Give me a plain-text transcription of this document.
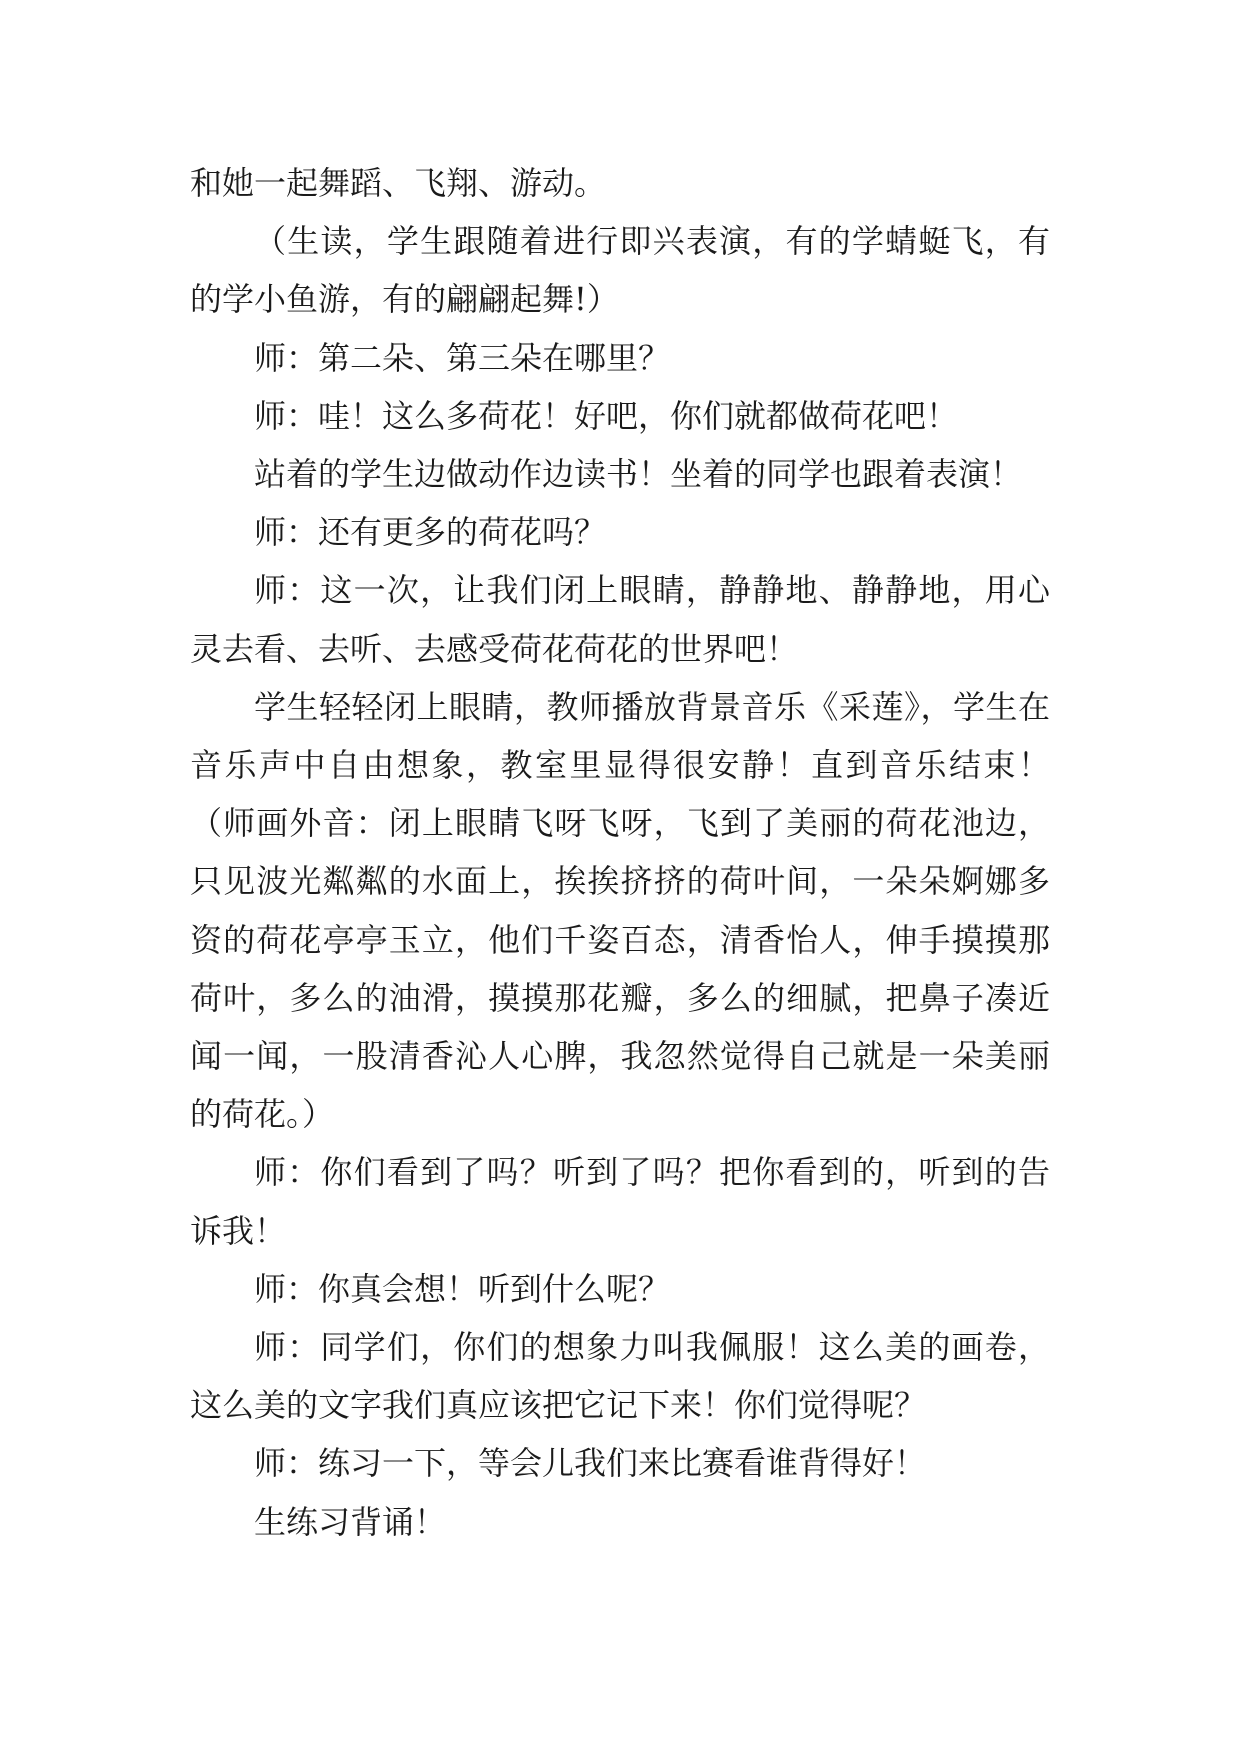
和她一起舞蹈、飞翔、游动。

（生读，学生跟随着进行即兴表演，有的学蜻蜓飞，有的学小鱼游，有的翩翩起舞!）

师：第二朵、第三朵在哪里？

师：哇！这么多荷花！好吧，你们就都做荷花吧！

站着的学生边做动作边读书！坐着的同学也跟着表演！

师：还有更多的荷花吗？

师：这一次，让我们闭上眼睛，静静地、静静地，用心灵去看、去听、去感受荷花荷花的世界吧！

学生轻轻闭上眼睛，教师播放背景音乐《采莲》，学生在音乐声中自由想象，教室里显得很安静！直到音乐结束！（师画外音：闭上眼睛飞呀飞呀，飞到了美丽的荷花池边，只见波光粼粼的水面上，挨挨挤挤的荷叶间，一朵朵婀娜多资的荷花亭亭玉立，他们千姿百态，清香怡人，伸手摸摸那荷叶，多么的油滑，摸摸那花瓣，多么的细腻，把鼻子凑近闻一闻，一股清香沁人心脾，我忽然觉得自己就是一朵美丽的荷花。）

师：你们看到了吗？听到了吗？把你看到的，听到的告诉我！

师：你真会想！听到什么呢？

师：同学们，你们的想象力叫我佩服！这么美的画卷，这么美的文字我们真应该把它记下来！你们觉得呢？

师：练习一下，等会儿我们来比赛看谁背得好！

生练习背诵！
